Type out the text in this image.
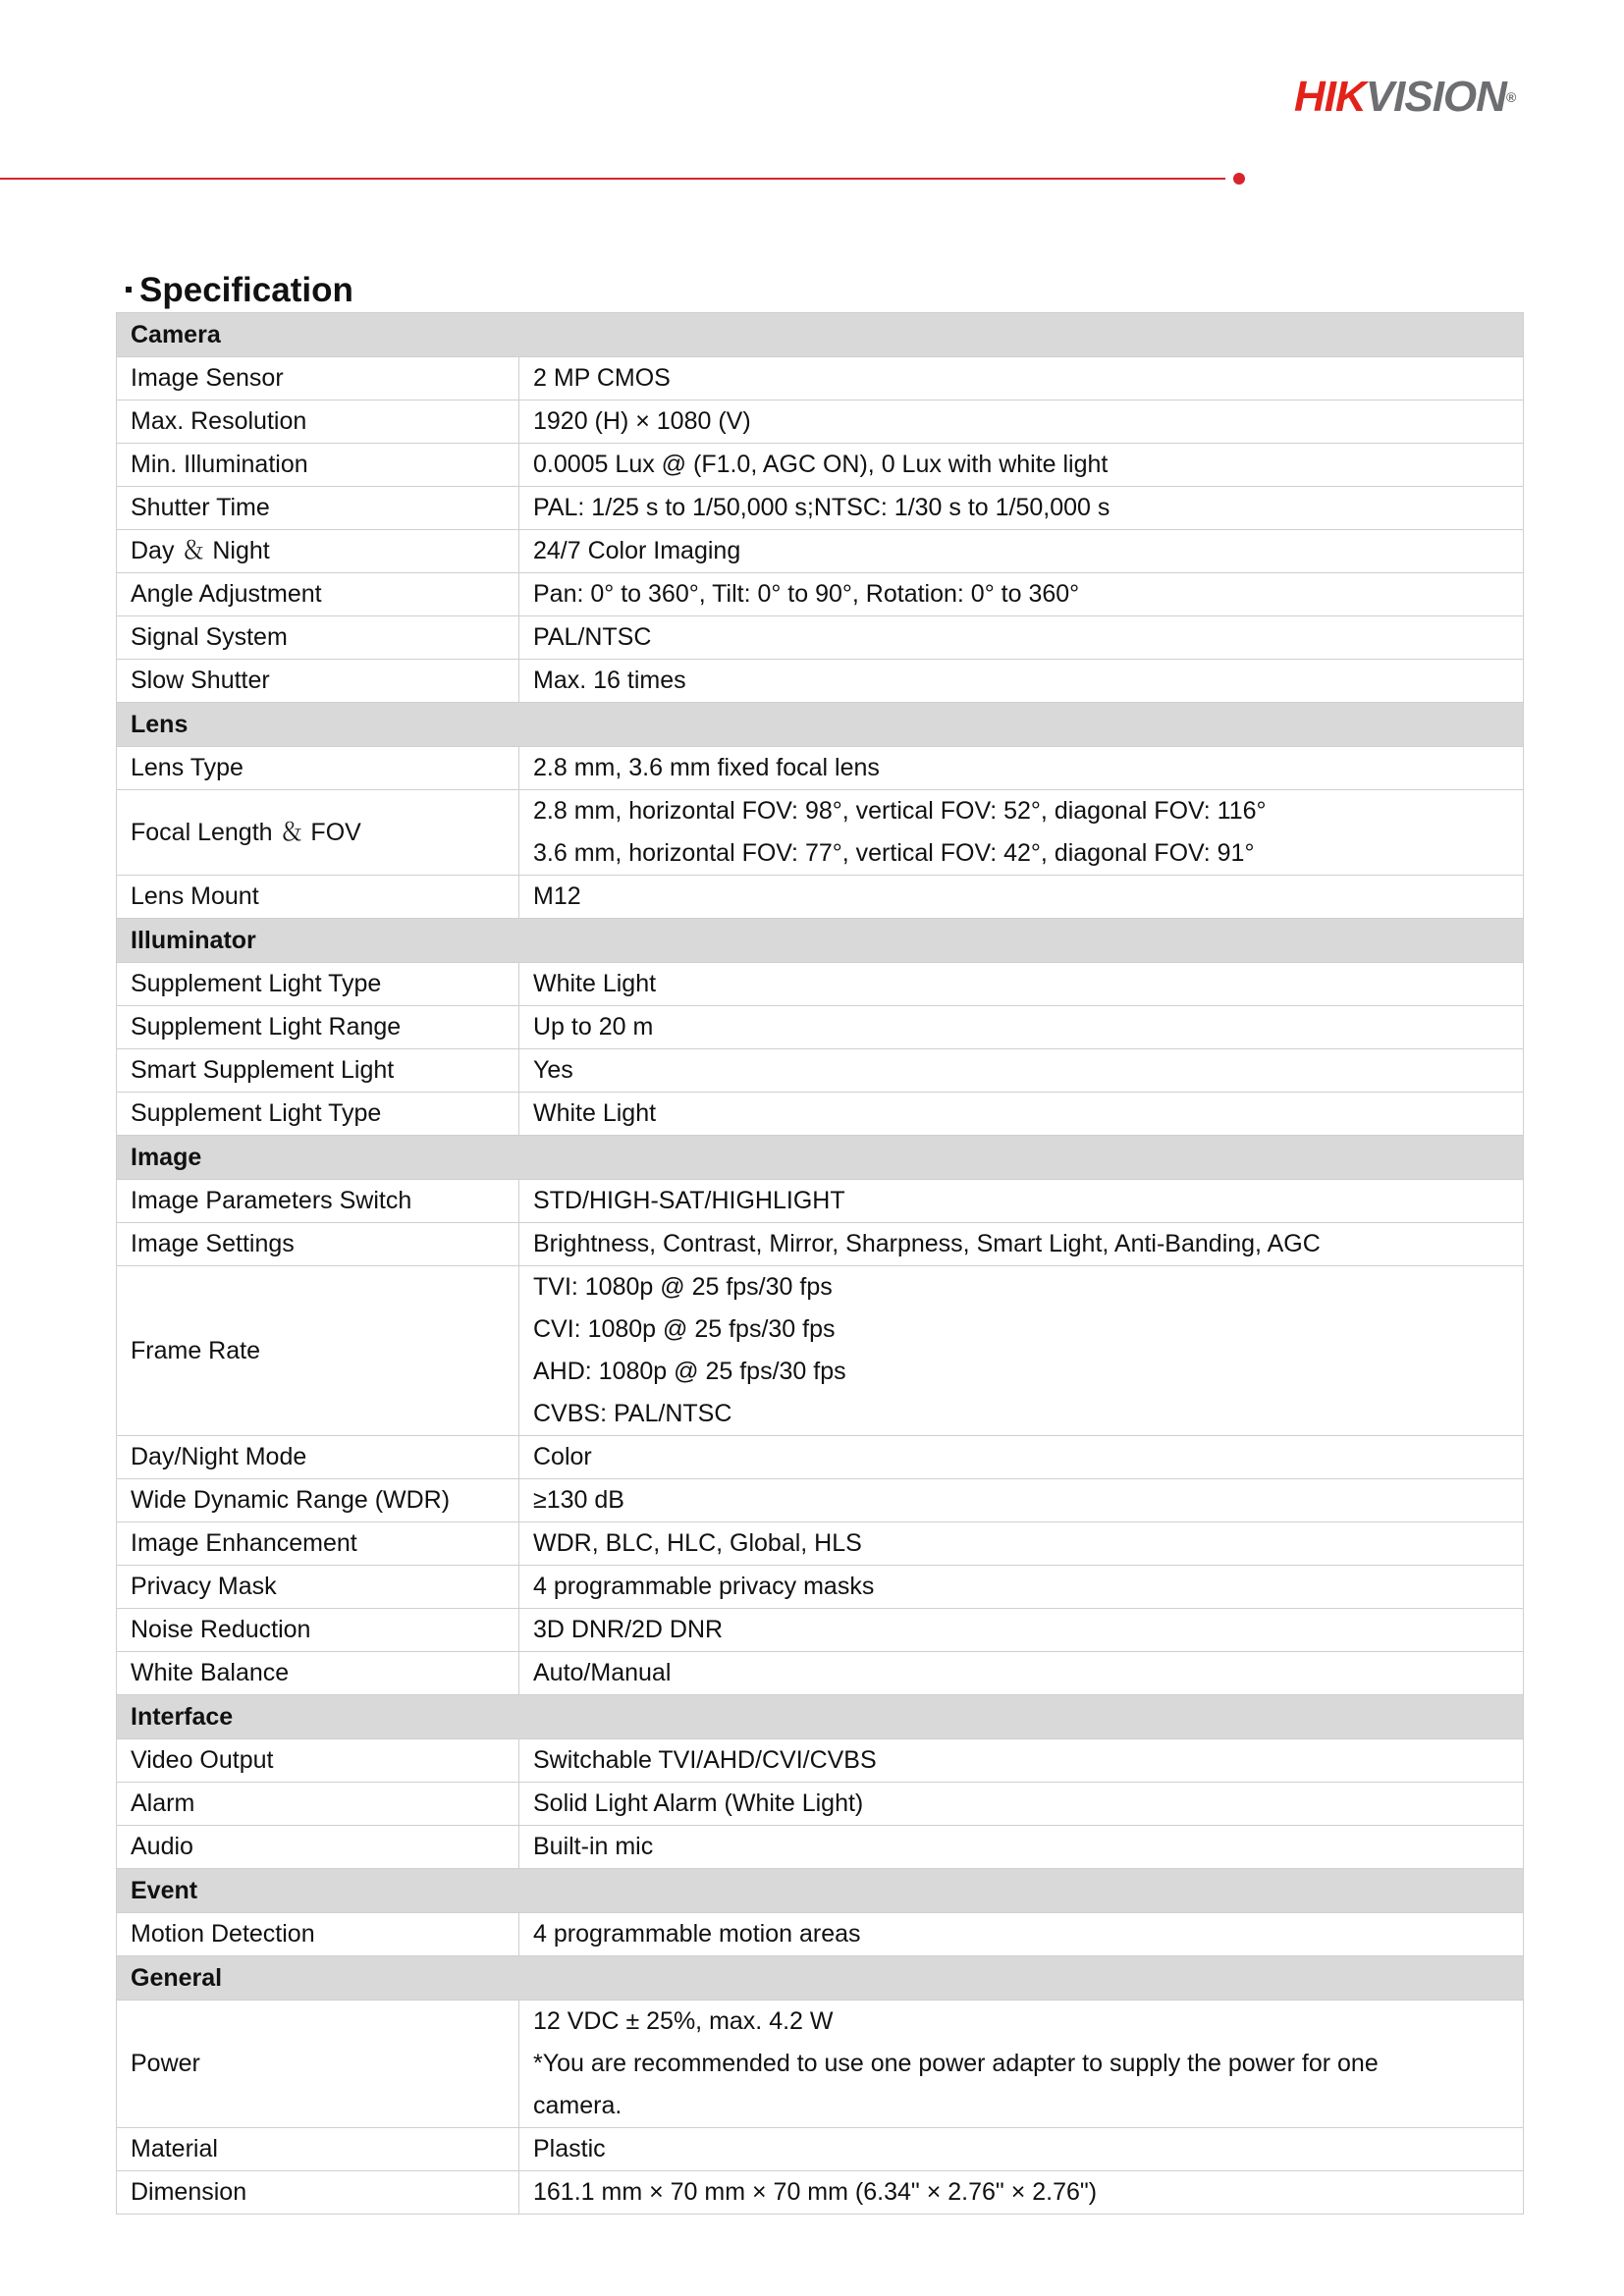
HIKVISION®
Specification
Camera	
Image Sensor	2 MP CMOS

Max. Resolution	1920 (H) × 1080 (V)

Min. Illumination	0.0005 Lux @ (F1.0, AGC ON), 0 Lux with white light

Shutter Time	PAL: 1/25 s to 1/50,000 s;NTSC: 1/30 s to 1/50,000 s

Day ＆ Night	24/7 Color Imaging

Angle Adjustment	Pan: 0° to 360°, Tilt: 0° to 90°, Rotation: 0° to 360°

Signal System	PAL/NTSC

Slow Shutter	Max. 16 times

Lens	
Lens Type	2.8 mm, 3.6 mm fixed focal lens

Focal Length ＆ FOV	2.8 mm, horizontal FOV: 98°, vertical FOV: 52°, diagonal FOV: 116°
3.6 mm, horizontal FOV: 77°, vertical FOV: 42°, diagonal FOV: 91°

Lens Mount	M12

Illuminator	
Supplement Light Type	White Light

Supplement Light Range	Up to 20 m

Smart Supplement Light	Yes

Supplement Light Type	White Light

Image	
Image Parameters Switch	STD/HIGH-SAT/HIGHLIGHT

Image Settings	Brightness, Contrast, Mirror, Sharpness, Smart Light, Anti-Banding, AGC

Frame Rate	TVI: 1080p @ 25 fps/30 fps
CVI: 1080p @ 25 fps/30 fps
AHD: 1080p @ 25 fps/30 fps
CVBS: PAL/NTSC

Day/Night Mode	Color

Wide Dynamic Range (WDR)	≥130 dB

Image Enhancement	WDR, BLC, HLC, Global, HLS

Privacy Mask	4 programmable privacy masks

Noise Reduction	3D DNR/2D DNR

White Balance	Auto/Manual

Interface	
Video Output	Switchable TVI/AHD/CVI/CVBS

Alarm	Solid Light Alarm (White Light)

Audio	Built-in mic

Event	
Motion Detection	4 programmable motion areas

General	
Power	12 VDC ± 25%, max. 4.2 W
*You are recommended to use one power adapter to supply the power for one
camera.

Material	Plastic

Dimension	161.1 mm × 70 mm × 70 mm (6.34" × 2.76" × 2.76")
